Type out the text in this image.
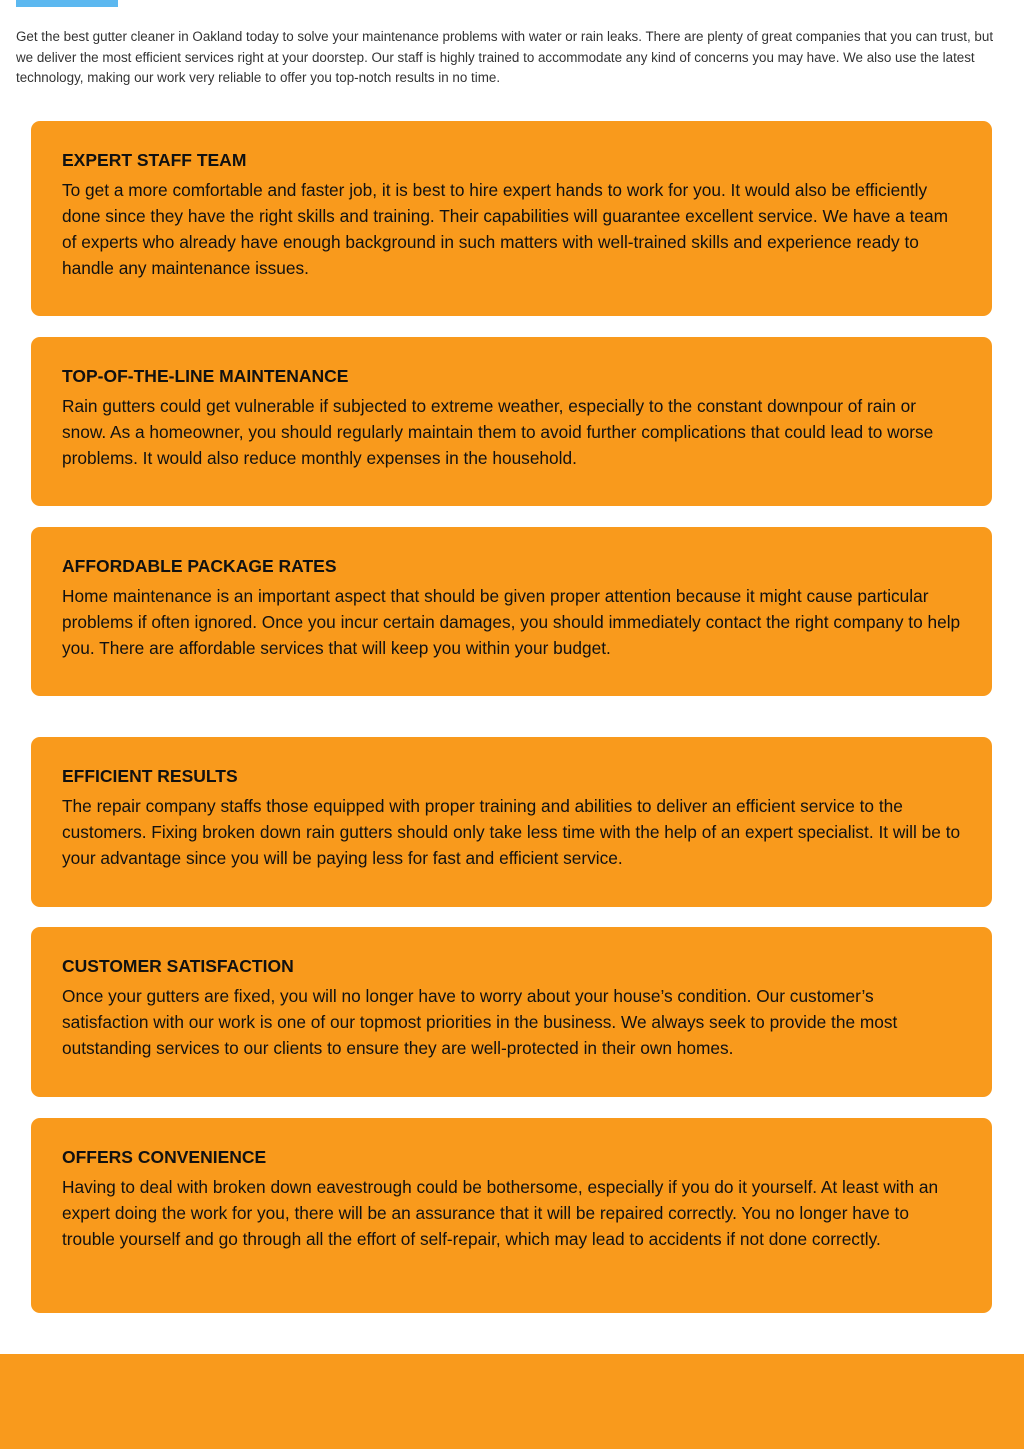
Get the best gutter cleaner in Oakland today to solve your maintenance problems with water or rain leaks. There are plenty of great companies that you can trust, but we deliver the most efficient services right at your doorstep. Our staff is highly trained to accommodate any kind of concerns you may have. We also use the latest technology, making our work very reliable to offer you top-notch results in no time.

EXPERT STAFF TEAM

To get a more comfortable and faster job, it is best to hire expert hands to work for you. It would also be efficiently done since they have the right skills and training. Their capabilities will guarantee excellent service. We have a team of experts who already have enough background in such matters with well-trained skills and experience ready to handle any maintenance issues.

TOP-OF-THE-LINE MAINTENANCE

Rain gutters could get vulnerable if subjected to extreme weather, especially to the constant downpour of rain or snow. As a homeowner, you should regularly maintain them to avoid further complications that could lead to worse problems. It would also reduce monthly expenses in the household.

AFFORDABLE PACKAGE RATES

Home maintenance is an important aspect that should be given proper attention because it might cause particular problems if often ignored. Once you incur certain damages, you should immediately contact the right company to help you. There are affordable services that will keep you within your budget.

EFFICIENT RESULTS

The repair company staffs those equipped with proper training and abilities to deliver an efficient service to the customers. Fixing broken down rain gutters should only take less time with the help of an expert specialist. It will be to your advantage since you will be paying less for fast and efficient service.

CUSTOMER SATISFACTION

Once your gutters are fixed, you will no longer have to worry about your house’s condition. Our customer’s satisfaction with our work is one of our topmost priorities in the business. We always seek to provide the most outstanding services to our clients to ensure they are well-protected in their own homes.

OFFERS CONVENIENCE

Having to deal with broken down eavestrough could be bothersome, especially if you do it yourself. At least with an expert doing the work for you, there will be an assurance that it will be repaired correctly. You no longer have to trouble yourself and go through all the effort of self-repair, which may lead to accidents if not done correctly.
